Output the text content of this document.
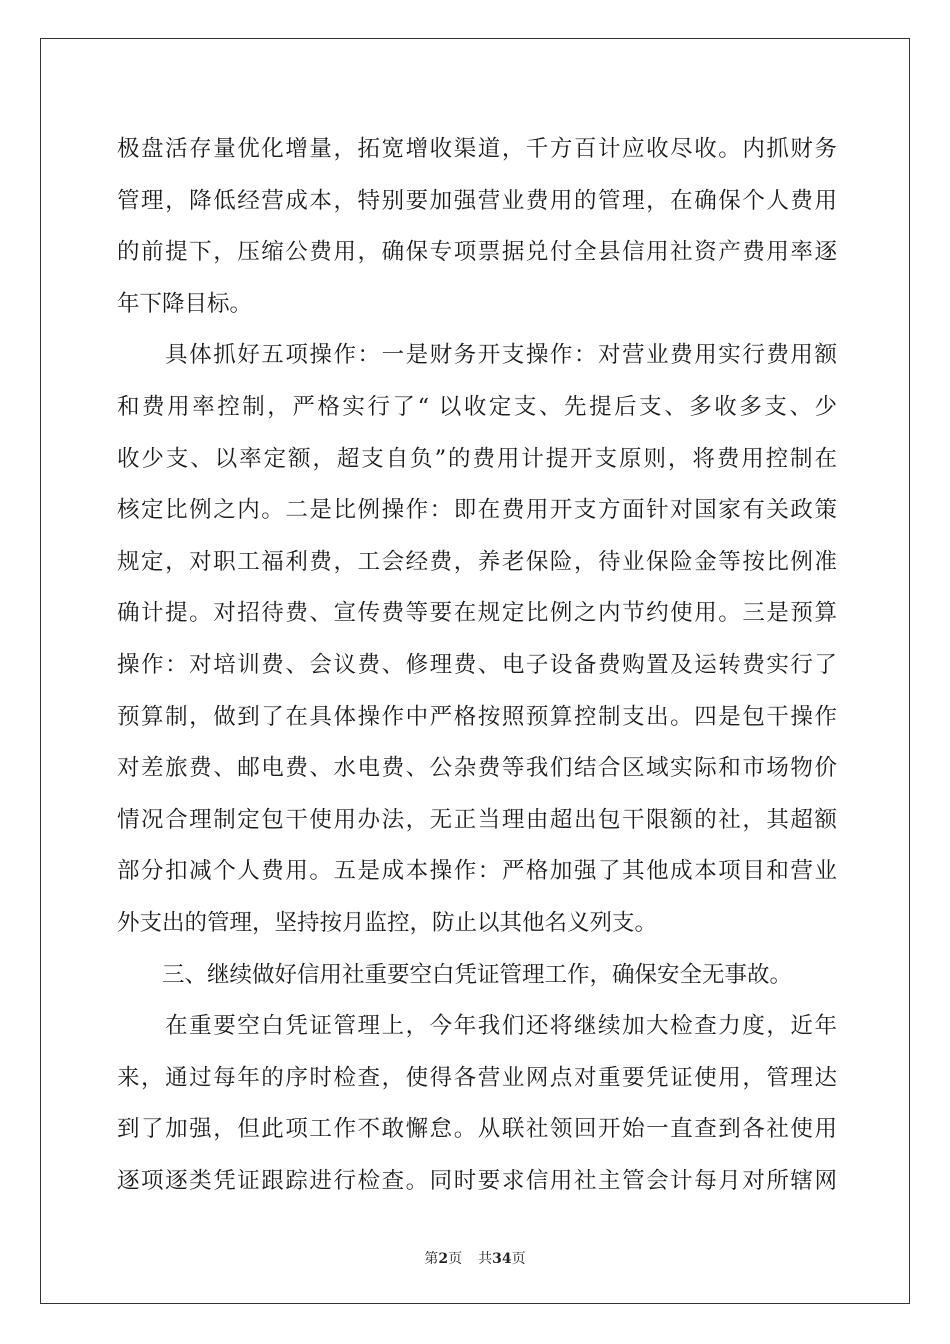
极盘活存量优化增量，拓宽增收渠道，千方百计应收尽收。内抓财务
管理，降低经营成本，特别要加强营业费用的管理，在确保个人费用
的前提下，压缩公费用，确保专项票据兑付全县信用社资产费用率逐
年下降目标。
　　具体抓好五项操作：一是财务开支操作：对营业费用实行费用额
和费用率控制，严格实行了“ 以收定支、先提后支、多收多支、少
收少支、以率定额，超支自负”的费用计提开支原则，将费用控制在
核定比例之内。二是比例操作：即在费用开支方面针对国家有关政策
规定，对职工福利费，工会经费，养老保险，待业保险金等按比例准
确计提。对招待费、宣传费等要在规定比例之内节约使用。三是预算
操作：对培训费、会议费、修理费、电子设备费购置及运转费实行了
预算制，做到了在具体操作中严格按照预算控制支出。四是包干操作
对差旅费、邮电费、水电费、公杂费等我们结合区域实际和市场物价
情况合理制定包干使用办法，无正当理由超出包干限额的社，其超额
部分扣减个人费用。五是成本操作：严格加强了其他成本项目和营业
外支出的管理，坚持按月监控，防止以其他名义列支。
　　三、继续做好信用社重要空白凭证管理工作，确保安全无事故。
　　在重要空白凭证管理上，今年我们还将继续加大检查力度，近年
来，通过每年的序时检查，使得各营业网点对重要凭证使用，管理达
到了加强，但此项工作不敢懈怠。从联社领回开始一直查到各社使用
逐项逐类凭证跟踪进行检查。同时要求信用社主管会计每月对所辖网
第2页 共34页
